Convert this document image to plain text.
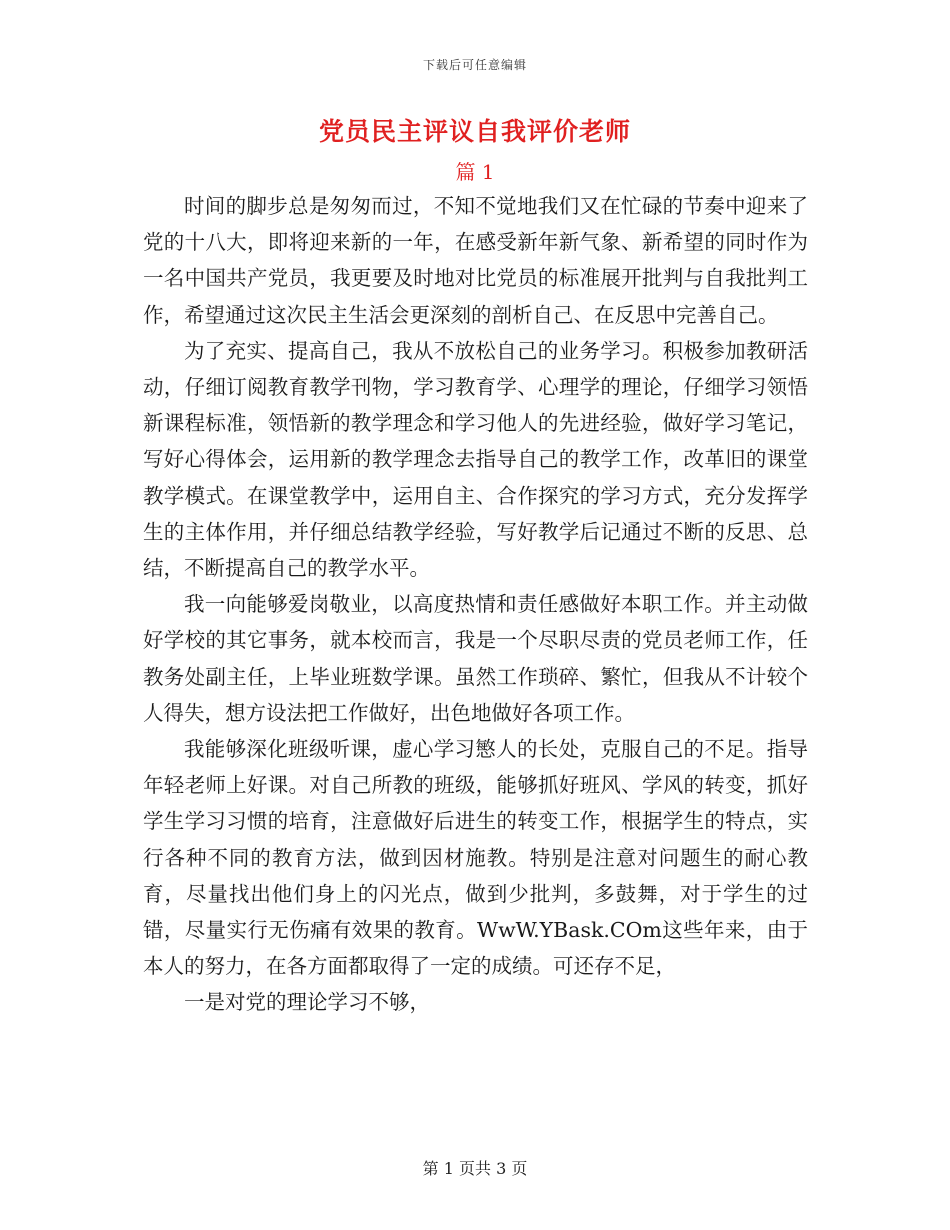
下载后可任意编辑
党员民主评议自我评价老师
篇 1

时间的脚步总是匆匆而过，不知不觉地我们又在忙碌的节奏中迎来了党的十八大，即将迎来新的一年，在感受新年新气象、新希望的同时作为一名中国共产党员，我更要及时地对比党员的标准展开批判与自我批判工作，希望通过这次民主生活会更深刻的剖析自己、在反思中完善自己。

为了充实、提高自己，我从不放松自己的业务学习。积极参加教研活动，仔细订阅教育教学刊物，学习教育学、心理学的理论，仔细学习领悟新课程标准，领悟新的教学理念和学习他人的先进经验，做好学习笔记，写好心得体会，运用新的教学理念去指导自己的教学工作，改革旧的课堂教学模式。在课堂教学中，运用自主、合作探究的学习方式，充分发挥学生的主体作用，并仔细总结教学经验，写好教学后记通过不断的反思、总结，不断提高自己的教学水平。

我一向能够爱岗敬业，以高度热情和责任感做好本职工作。并主动做好学校的其它事务，就本校而言，我是一个尽职尽责的党员老师工作，任教务处副主任，上毕业班数学课。虽然工作琐碎、繁忙，但我从不计较个人得失，想方设法把工作做好，出色地做好各项工作。

我能够深化班级听课，虚心学习慜人的长处，克服自己的不足。指导年轻老师上好课。对自己所教的班级，能够抓好班风、学风的转变，抓好学生学习习惯的培育，注意做好后进生的转变工作，根据学生的特点，实行各种不同的教育方法，做到因材施教。特别是注意对问题生的耐心教育，尽量找出他们身上的闪光点，做到少批判，多鼓舞，对于学生的过错，尽量实行无伤痛有效果的教育。WwW.YBask.COm这些年来，由于本人的努力，在各方面都取得了一定的成绩。可还存不足，

一是对党的理论学习不够，

第 1 页共 3 页
